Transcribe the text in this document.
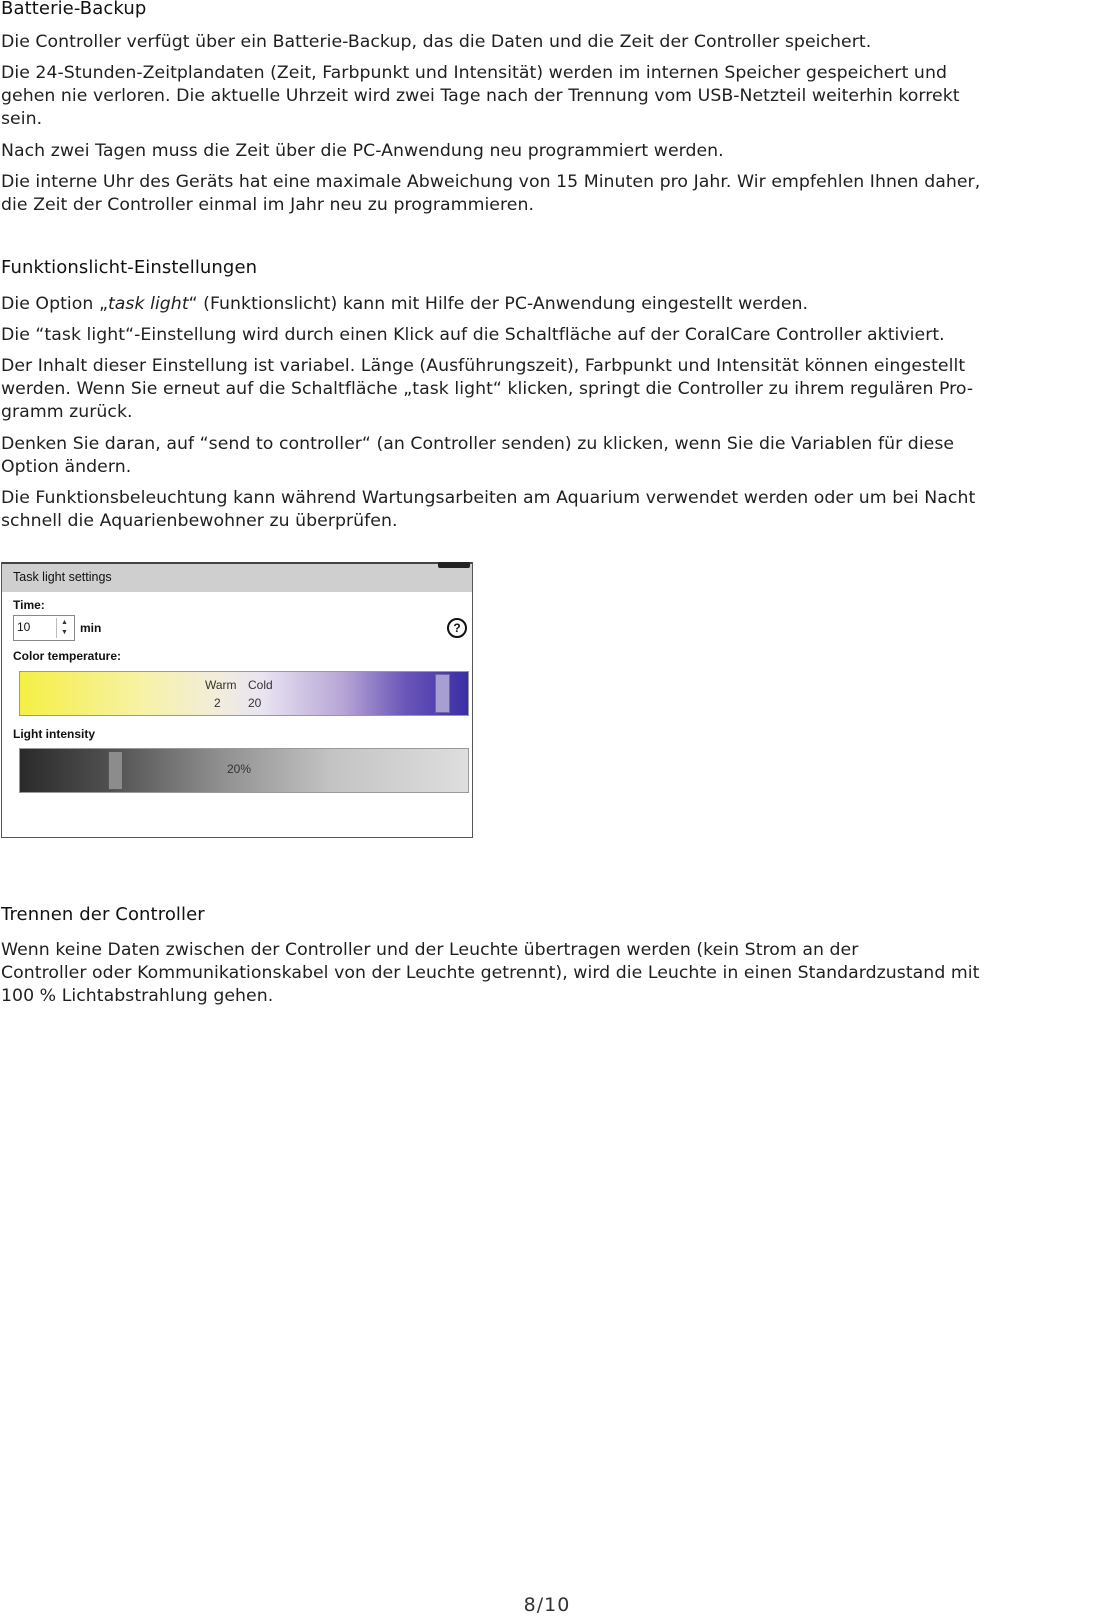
Batterie-Backup

Die Controller verfügt über ein Batterie-Backup, das die Daten und die Zeit der Controller speichert.

Die 24-Stunden-Zeitplandaten (Zeit, Farbpunkt und Intensität) werden im internen Speicher gespeichert und

gehen nie verloren. Die aktuelle Uhrzeit wird zwei Tage nach der Trennung vom USB-Netzteil weiterhin korrekt

sein.

Nach zwei Tagen muss die Zeit über die PC-Anwendung neu programmiert werden.

Die interne Uhr des Geräts hat eine maximale Abweichung von 15 Minuten pro Jahr. Wir empfehlen Ihnen daher,

die Zeit der Controller einmal im Jahr neu zu programmieren.

Funktionslicht-Einstellungen

Die Option „task light“ (Funktionslicht) kann mit Hilfe der PC-Anwendung eingestellt werden.

Die “task light“-Einstellung wird durch einen Klick auf die Schaltfläche auf der CoralCare Controller aktiviert.

Der Inhalt dieser Einstellung ist variabel. Länge (Ausführungszeit), Farbpunkt und Intensität können eingestellt

werden. Wenn Sie erneut auf die Schaltfläche „task light“ klicken, springt die Controller zu ihrem regulären Pro-

gramm zurück.

Denken Sie daran, auf “send to controller“ (an Controller senden) zu klicken, wenn Sie die Variablen für diese

Option ändern.

Die Funktionsbeleuchtung kann während Wartungsarbeiten am Aquarium verwendet werden oder um bei Nacht

schnell die Aquarienbewohner zu überprüfen.

Task light settings
Time:
10	▲
▼	min	?
Color temperature:
Warm
2
Cold
20
Light intensity
20%
Trennen der Controller

Wenn keine Daten zwischen der Controller und der Leuchte übertragen werden (kein Strom an der

Controller oder Kommunikationskabel von der Leuchte getrennt), wird die Leuchte in einen Standardzustand mit

100 % Lichtabstrahlung gehen.

8/10
